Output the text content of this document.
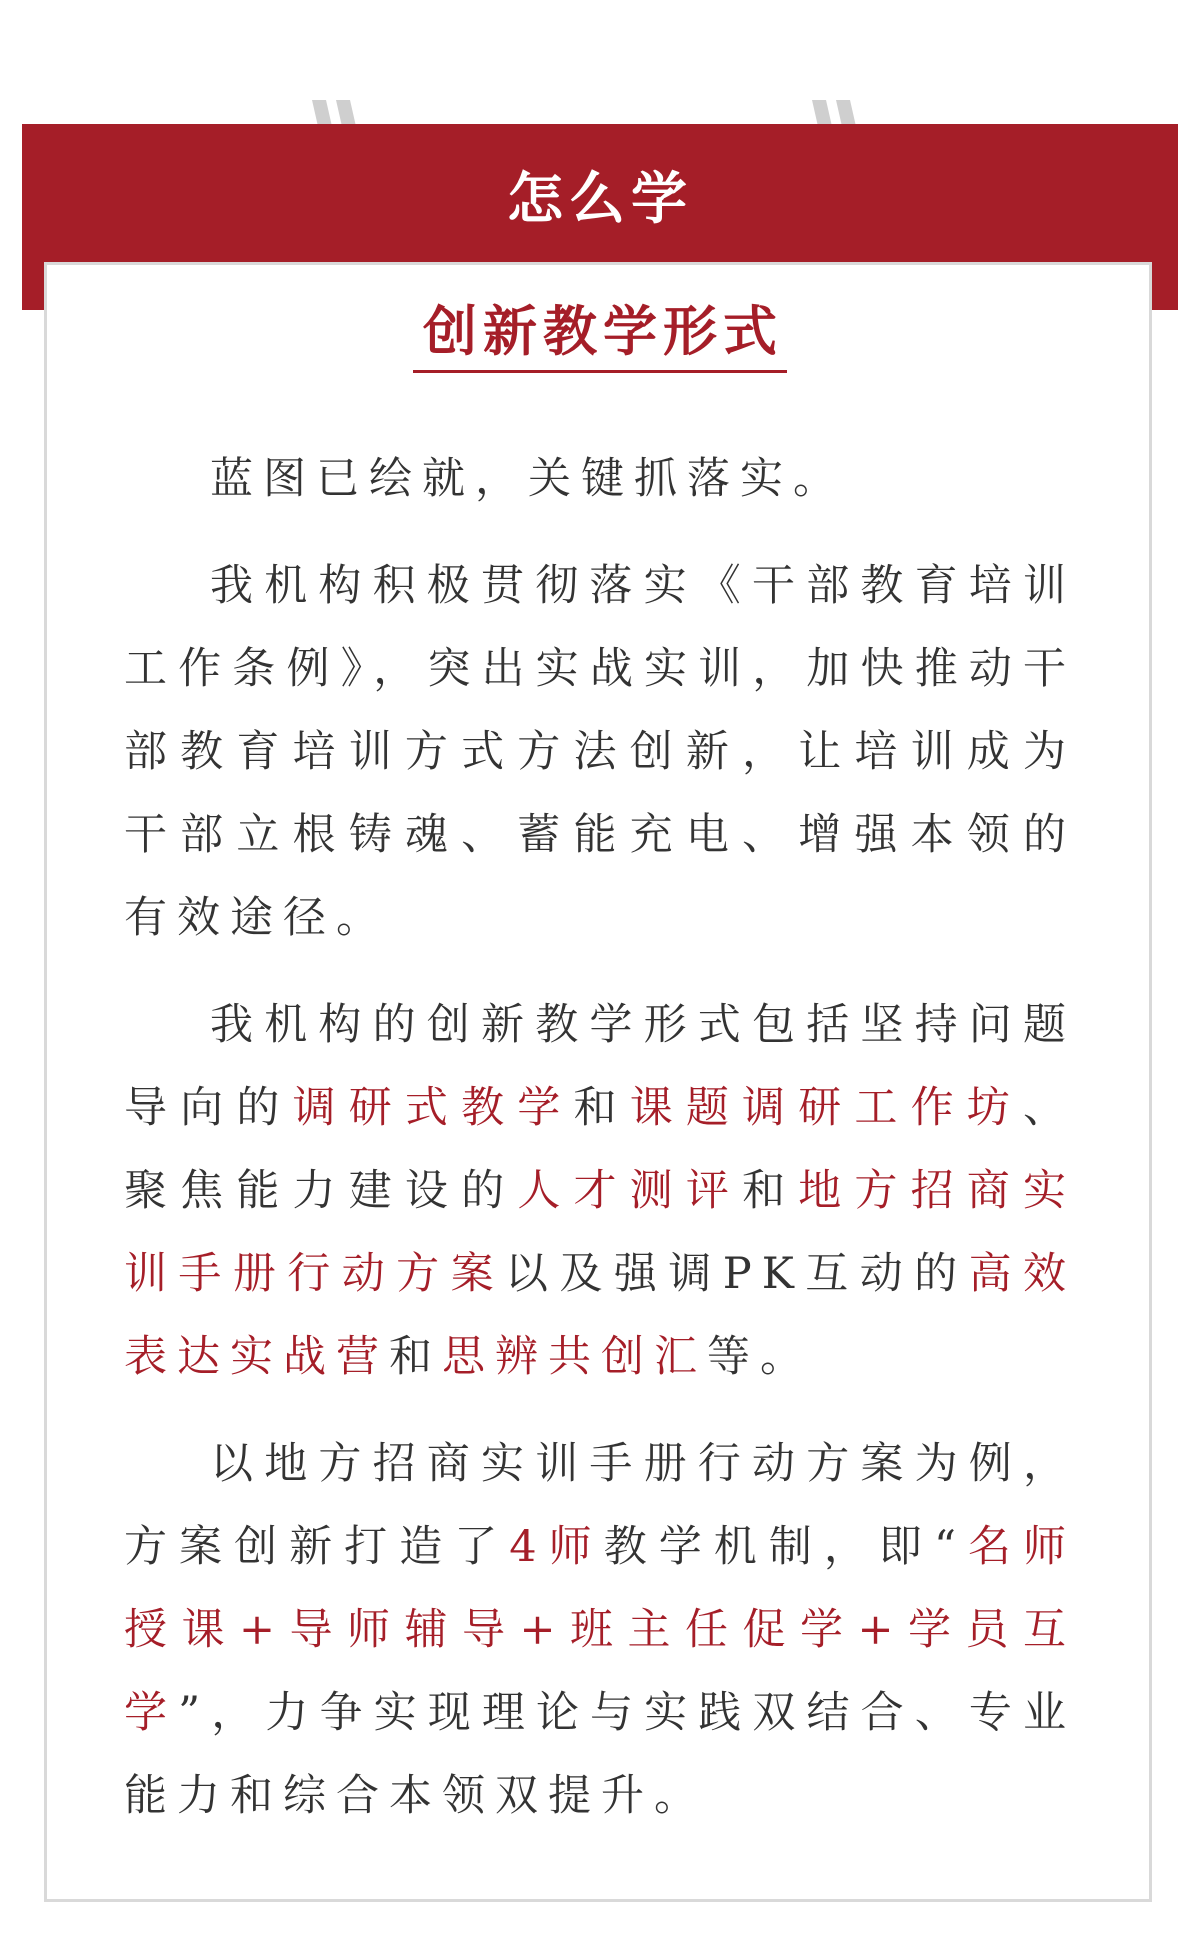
怎么学
创新教学形式

蓝图已绘就，关键抓落实。

我机构积极贯彻落实《干部教育培训工作条例》，突出实战实训，加快推动干部教育培训方式方法创新，让培训成为干部立根铸魂、蓄能充电、增强本领的有效途径。

我机构的创新教学形式包括坚持问题导向的调研式教学和课题调研工作坊、聚焦能力建设的人才测评和地方招商实训手册行动方案以及强调PK互动的高效表达实战营和思辨共创汇等。

以地方招商实训手册行动方案为例，方案创新打造了4师教学机制，即“名师授课+导师辅导+班主任促学+学员互学”，力争实现理论与实践双结合、专业能力和综合本领双提升。
